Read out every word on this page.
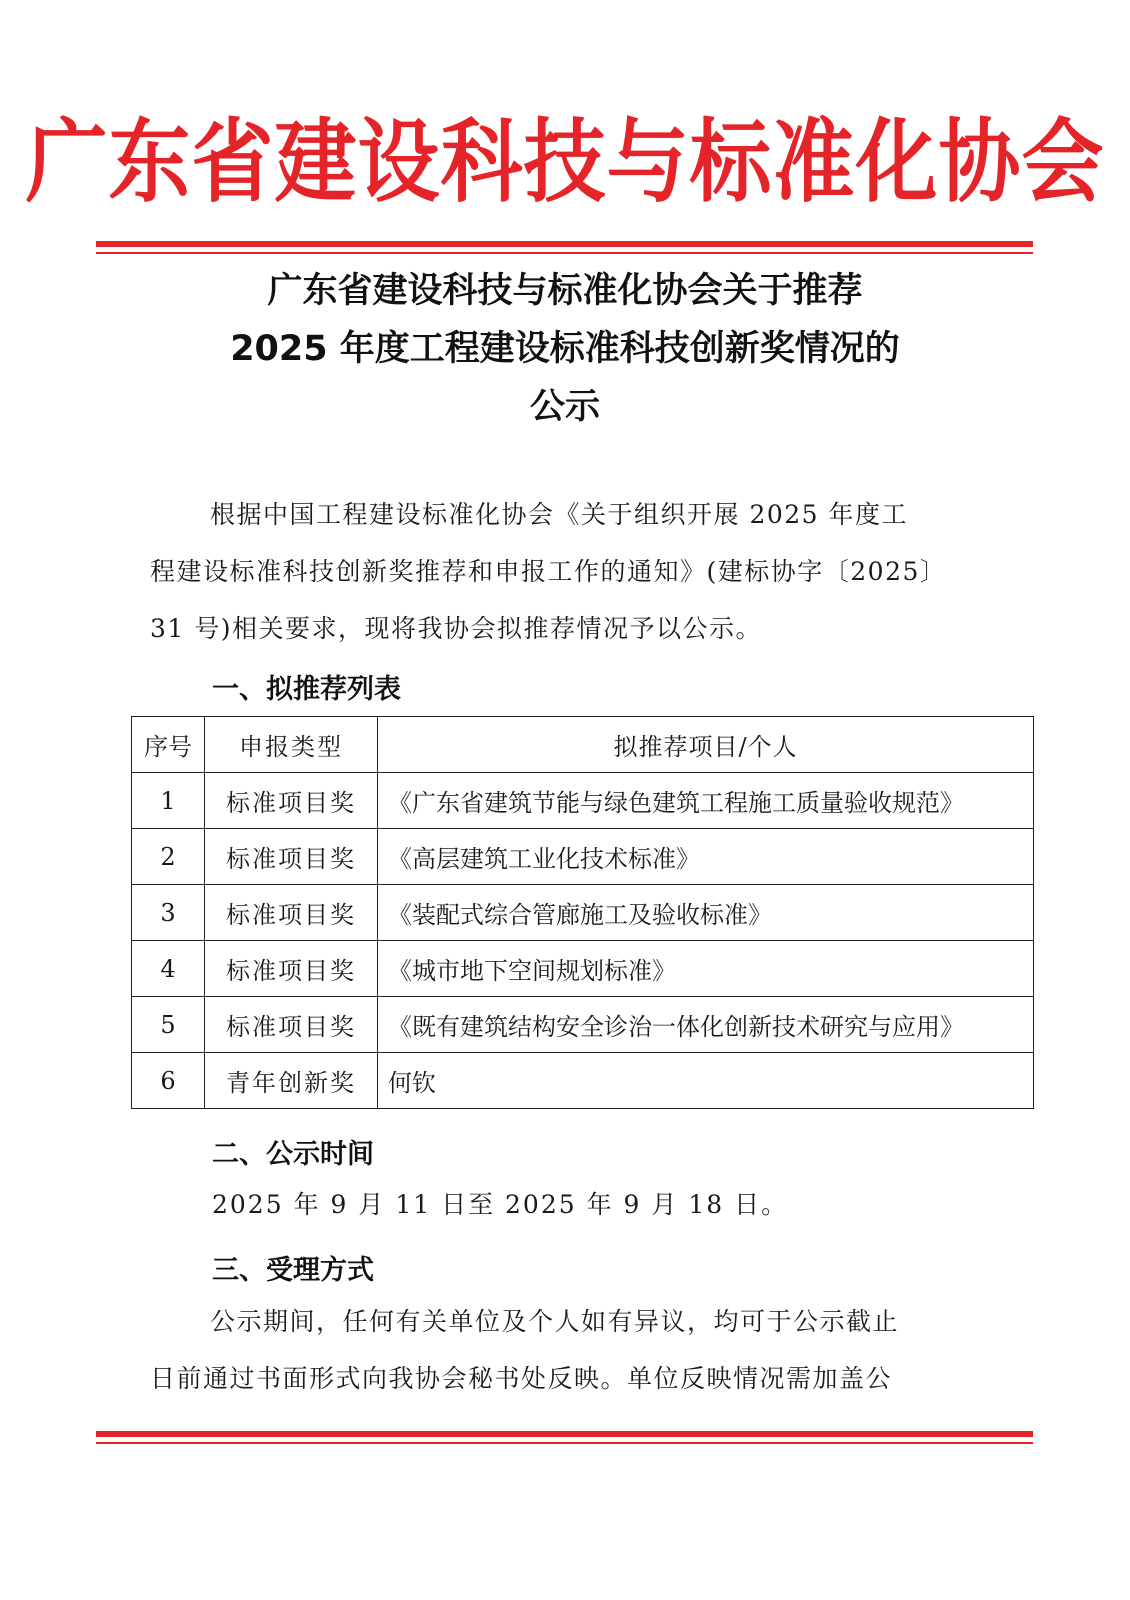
广东省建设科技与标准化协会
广东省建设科技与标准化协会关于推荐
2025 年度工程建设标准科技创新奖情况的
公示
根据中国工程建设标准化协会《关于组织开展 2025 年度工
程建设标准科技创新奖推荐和申报工作的通知》(建标协字〔2025〕
31 号)相关要求，现将我协会拟推荐情况予以公示。
一、拟推荐列表
序号	申报类型	拟推荐项目/个人
1	标准项目奖	《广东省建筑节能与绿色建筑工程施工质量验收规范》
2	标准项目奖	《高层建筑工业化技术标准》
3	标准项目奖	《装配式综合管廊施工及验收标准》
4	标准项目奖	《城市地下空间规划标准》
5	标准项目奖	《既有建筑结构安全诊治一体化创新技术研究与应用》
6	青年创新奖	何钦
二、公示时间
2025 年 9 月 11 日至 2025 年 9 月 18 日。
三、受理方式
公示期间，任何有关单位及个人如有异议，均可于公示截止
日前通过书面形式向我协会秘书处反映。单位反映情况需加盖公
